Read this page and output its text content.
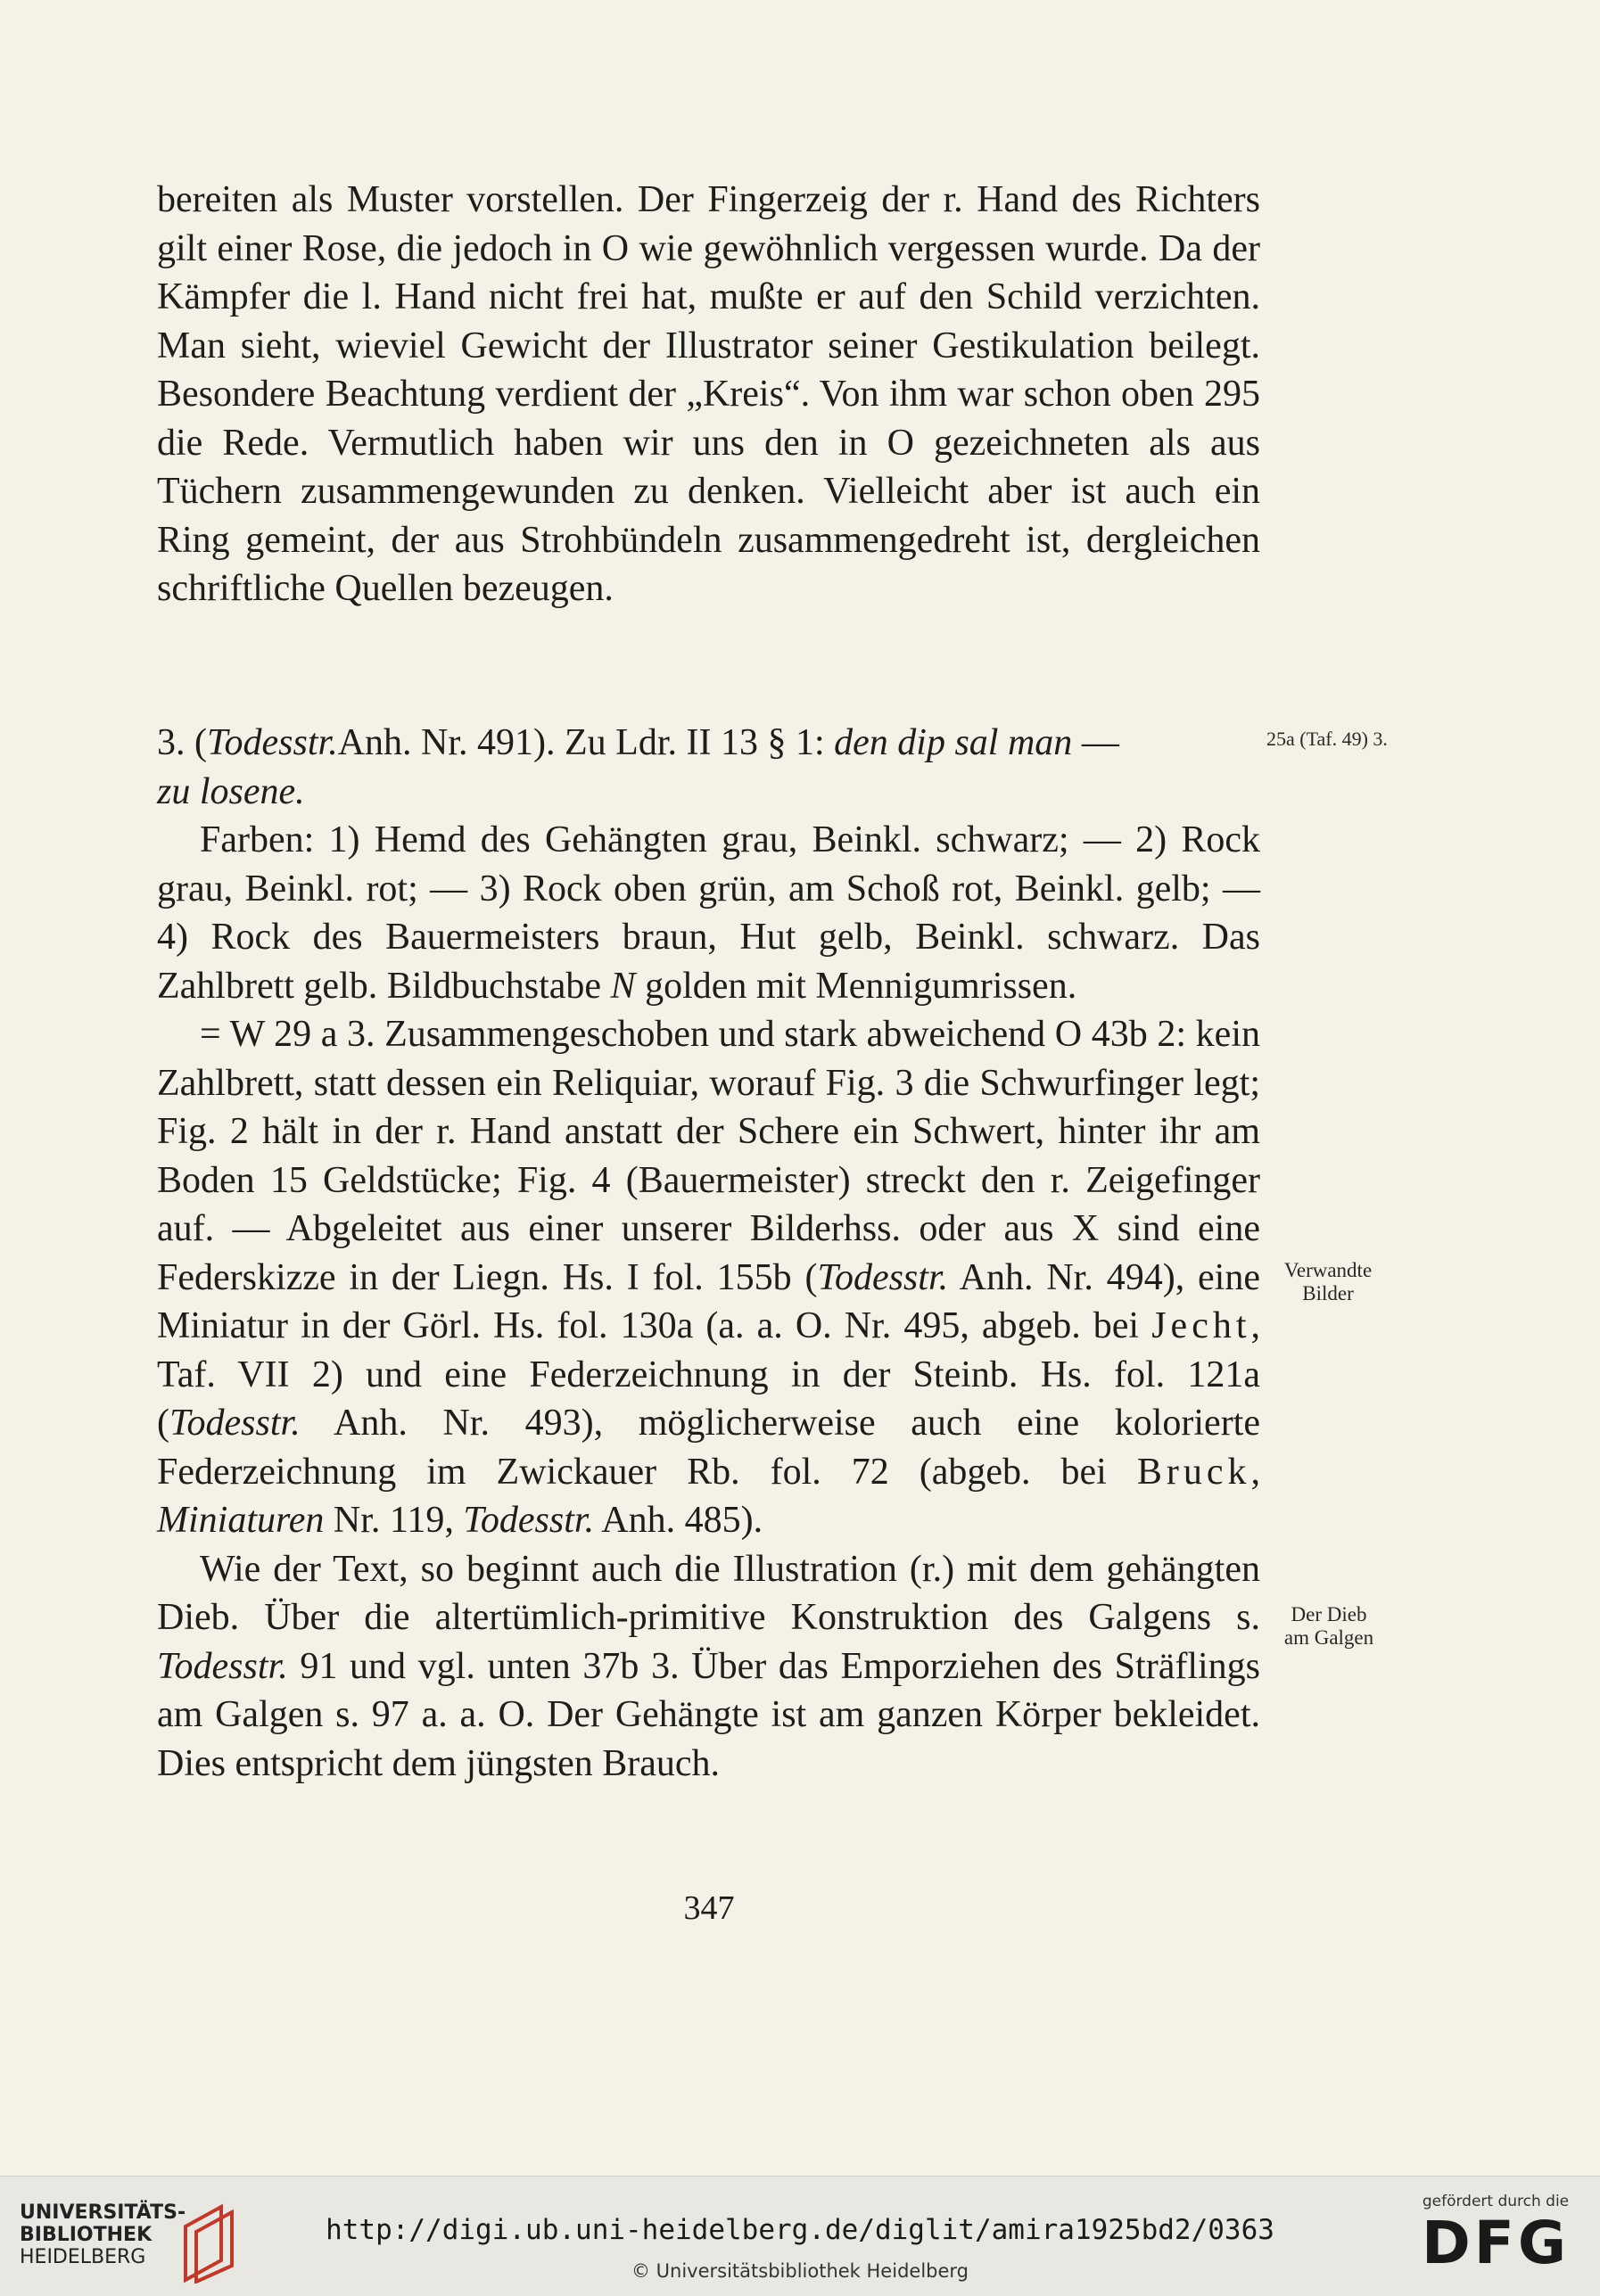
bereiten als Muster vorstellen. Der Fingerzeig der r. Hand des Richters gilt einer Rose, die jedoch in O wie gewöhnlich vergessen wurde. Da der Kämpfer die l. Hand nicht frei hat, mußte er auf den Schild verzichten. Man sieht, wieviel Gewicht der Illustrator seiner Gestikulation beilegt. Besondere Beachtung verdient der „Kreis“. Von ihm war schon oben 295 die Rede. Vermutlich haben wir uns den in O gezeichneten als aus Tüchern zusammengewunden zu denken. Vielleicht aber ist auch ein Ring gemeint, der aus Strohbündeln zusammengedreht ist, dergleichen schriftliche Quellen bezeugen.

3. (Todesstr.Anh. Nr. 491). Zu Ldr. II 13 § 1: den dip sal man —
zu losene.

Farben: 1) Hemd des Gehängten grau, Beinkl. schwarz; — 2) Rock grau, Beinkl. rot; — 3) Rock oben grün, am Schoß rot, Beinkl. gelb; — 4) Rock des Bauermeisters braun, Hut gelb, Beinkl. schwarz. Das Zahlbrett gelb. Bildbuchstabe N golden mit Mennigumrissen.

= W 29 a 3. Zusammengeschoben und stark abweichend O 43b 2: kein Zahlbrett, statt dessen ein Reliquiar, worauf Fig. 3 die Schwurfinger legt; Fig. 2 hält in der r. Hand anstatt der Schere ein Schwert, hinter ihr am Boden 15 Geldstücke; Fig. 4 (Bauermeister) streckt den r. Zeigefinger auf. — Abgeleitet aus einer unserer Bilderhss. oder aus X sind eine Federskizze in der Liegn. Hs. I fol. 155b (Todesstr. Anh. Nr. 494), eine Miniatur in der Görl. Hs. fol. 130a (a. a. O. Nr. 495, abgeb. bei Jecht, Taf. VII 2) und eine Federzeichnung in der Steinb. Hs. fol. 121a (Todesstr. Anh. Nr. 493), möglicherweise auch eine kolorierte Federzeichnung im Zwickauer Rb. fol. 72 (abgeb. bei Bruck, Miniaturen Nr. 119, Todesstr. Anh. 485).

Wie der Text, so beginnt auch die Illustration (r.) mit dem gehängten Dieb. Über die altertümlich-primitive Konstruktion des Galgens s. Todesstr. 91 und vgl. unten 37b 3. Über das Emporziehen des Sträflings am Galgen s. 97 a. a. O. Der Gehängte ist am ganzen Körper bekleidet. Dies entspricht dem jüngsten Brauch.

25a (Taf. 49) 3.
Verwandte
Bilder
Der Dieb
am Galgen
347
UNIVERSITÄTS-
BIBLIOTHEK
HEIDELBERG
http://digi.ub.uni-heidelberg.de/diglit/amira1925bd2/0363
© Universitätsbibliothek Heidelberg
gefördert durch die
DFG
